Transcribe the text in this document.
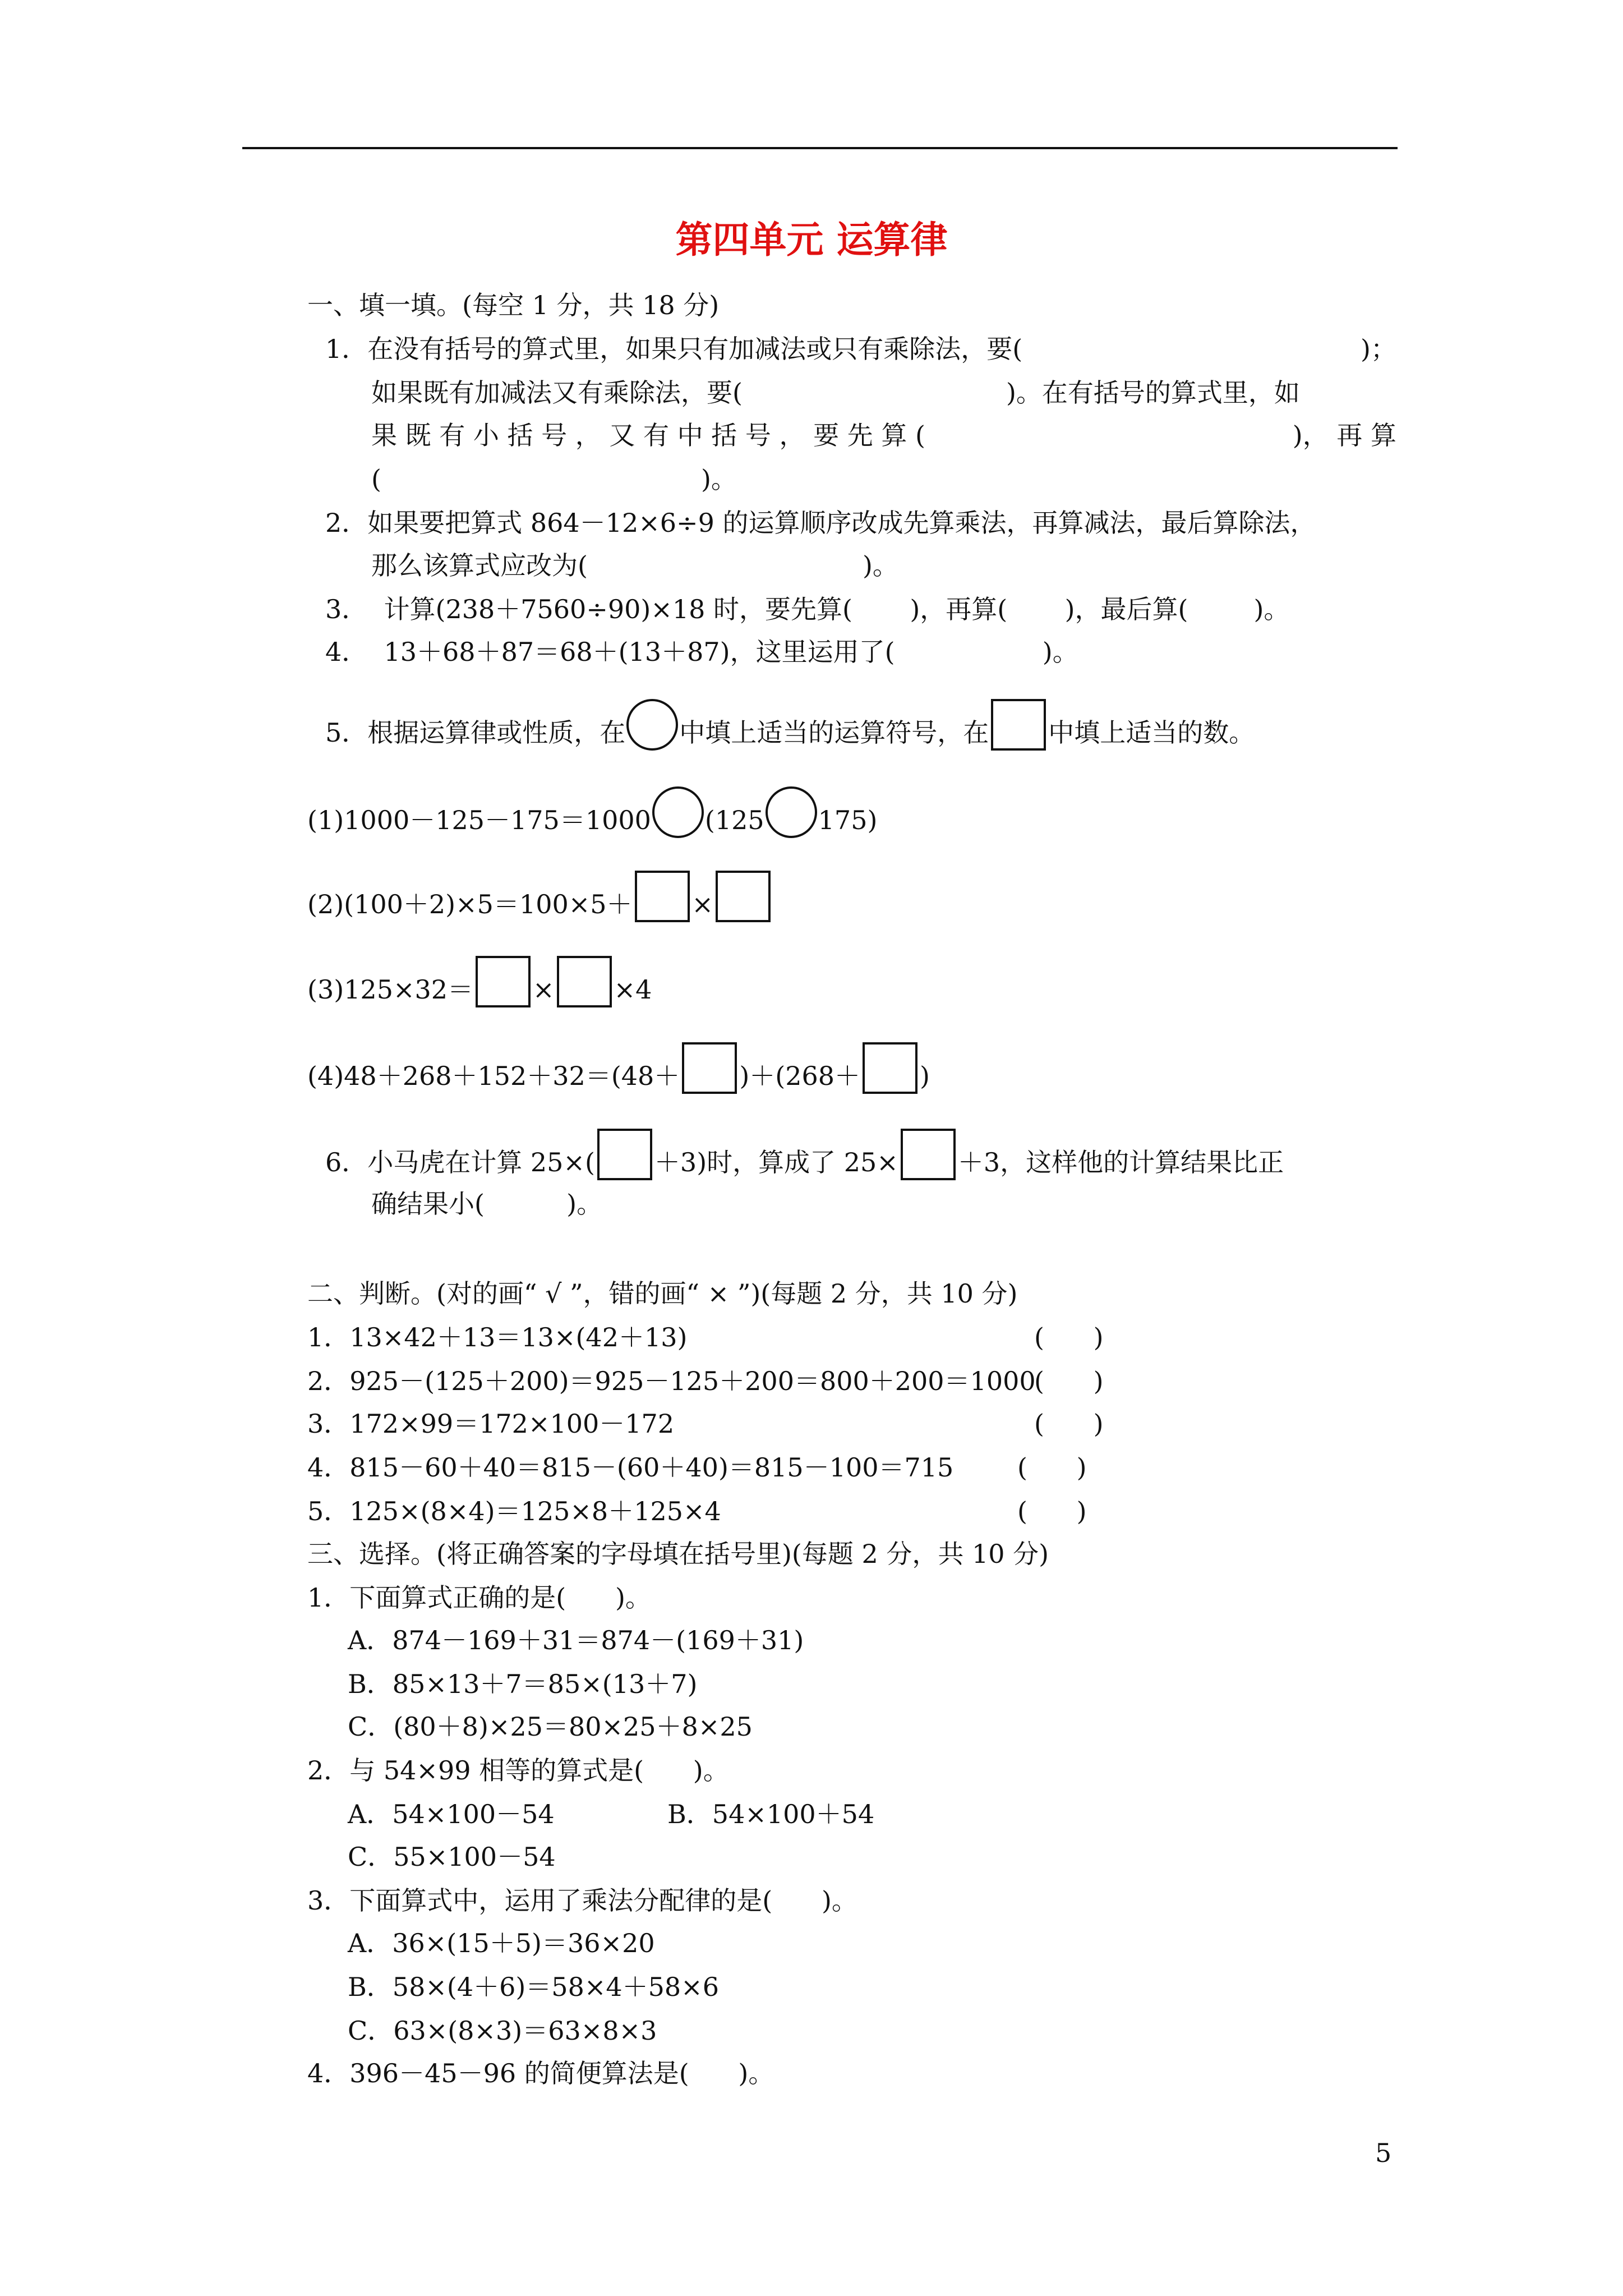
第四单元 运算律
一、填一填。(每空 1 分，共 18 分)
1．在没有括号的算式里，如果只有加减法或只有乘除法，要(	)；
如果既有加减法又有乘除法，要(	)。在有括号的算式里，如
果 既 有 小 括 号 ， 又 有 中 括 号 ， 要 先 算 (	)， 再 算
(	)。
2．如果要把算式 864－12×6÷9 的运算顺序改成先算乘法，再算减法，最后算除法，
那么该算式应改为(	)。
3．  计算(238＋7560÷90)×18 时，要先算(       )，再算(       )，最后算(        )。
4．  13＋68＋87＝68＋(13＋87)，这里运用了(                  )。
5．根据运算律或性质，在 中填上适当的运算符号，在 中填上适当的数。
(1)1000－125－175＝1000 (125 175)
(2)(100＋2)×5＝100×5＋ ×
(3)125×32＝ × ×4
(4)48＋268＋152＋32＝(48＋ )＋(268＋ )
6．小马虎在计算 25×( ＋3)时，算成了 25× ＋3，这样他的计算结果比正
确结果小(          )。
二、判断。(对的画“ √ ”，错的画“ × ”)(每题 2 分，共 10 分)
1．13×42＋13＝13×(42＋13)	(      )
2．925－(125＋200)＝925－125＋200＝800＋200＝1000
(      )
3．172×99＝172×100－172	(      )
4．815－60＋40＝815－(60＋40)＝815－100＝715 (      )
5．125×(8×4)＝125×8＋125×4	(      )
三、选择。(将正确答案的字母填在括号里)(每题 2 分，共 10 分)
1．下面算式正确的是(      )。
A．874－169＋31＝874－(169＋31)
B．85×13＋7＝85×(13＋7)
C．(80＋8)×25＝80×25＋8×25
2．与 54×99 相等的算式是(      )。
A．54×100－54	B．54×100＋54
C．55×100－54
3．下面算式中，运用了乘法分配律的是(      )。
A．36×(15＋5)＝36×20
B．58×(4＋6)＝58×4＋58×6
C．63×(8×3)＝63×8×3
4．396－45－96 的简便算法是(      )。
5
